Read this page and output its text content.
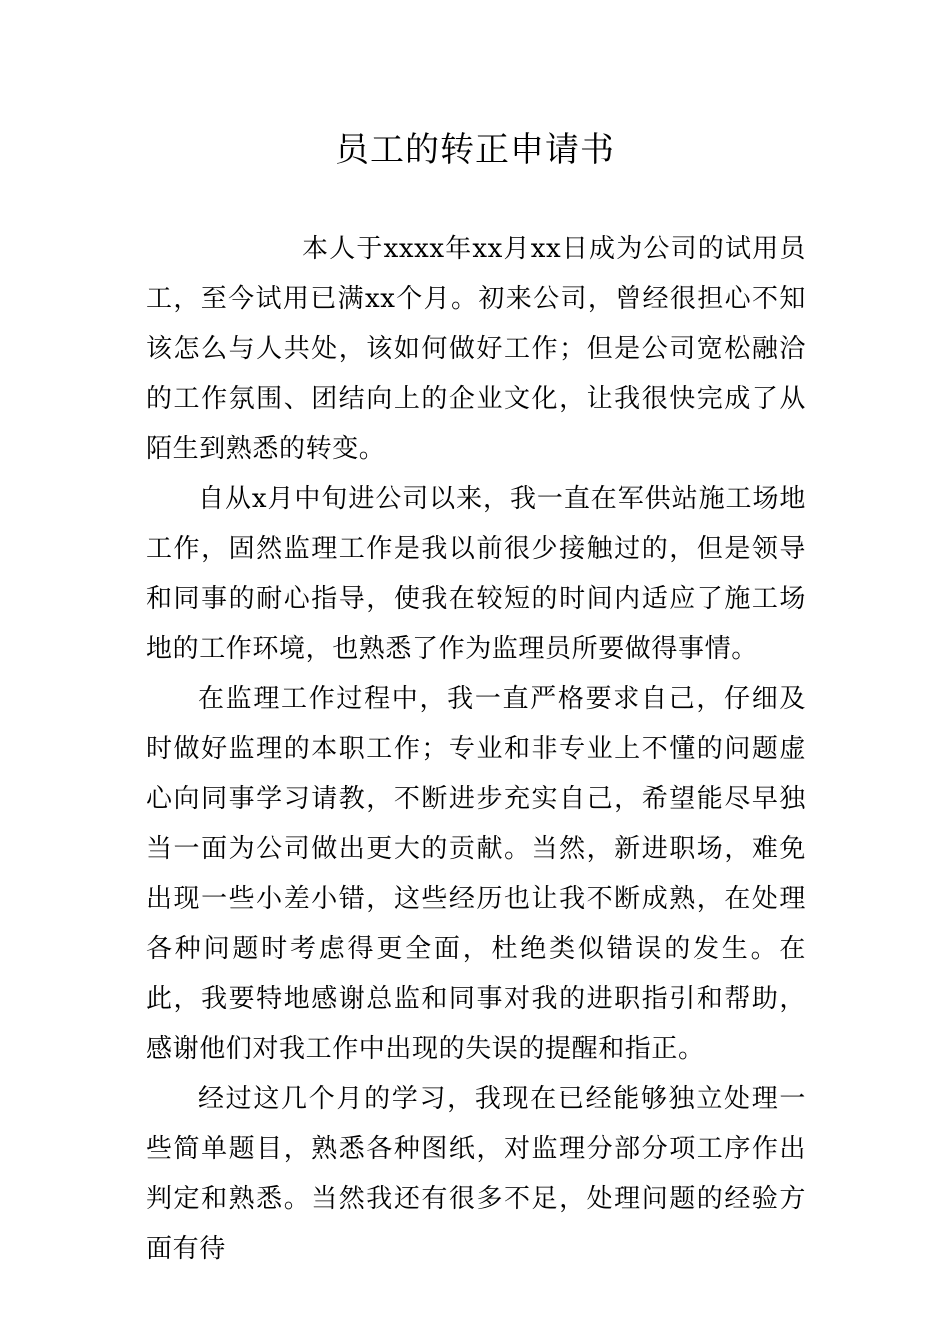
员工的转正申请书

本人于xxxx年xx月xx日成为公司的试用员工，至今试用已满xx个月。初来公司，曾经很担心不知该怎么与人共处，该如何做好工作；但是公司宽松融洽的工作氛围、团结向上的企业文化，让我很快完成了从陌生到熟悉的转变。

自从x月中旬进公司以来，我一直在军供站施工场地工作，固然监理工作是我以前很少接触过的，但是领导和同事的耐心指导，使我在较短的时间内适应了施工场地的工作环境，也熟悉了作为监理员所要做得事情。

在监理工作过程中，我一直严格要求自己，仔细及时做好监理的本职工作；专业和非专业上不懂的问题虚心向同事学习请教，不断进步充实自己，希望能尽早独当一面为公司做出更大的贡献。当然，新进职场，难免出现一些小差小错，这些经历也让我不断成熟，在处理各种问题时考虑得更全面，杜绝类似错误的发生。在此，我要特地感谢总监和同事对我的进职指引和帮助，感谢他们对我工作中出现的失误的提醒和指正。

经过这几个月的学习，我现在已经能够独立处理一些简单题目，熟悉各种图纸，对监理分部分项工序作出判定和熟悉。当然我还有很多不足，处理问题的经验方面有待
